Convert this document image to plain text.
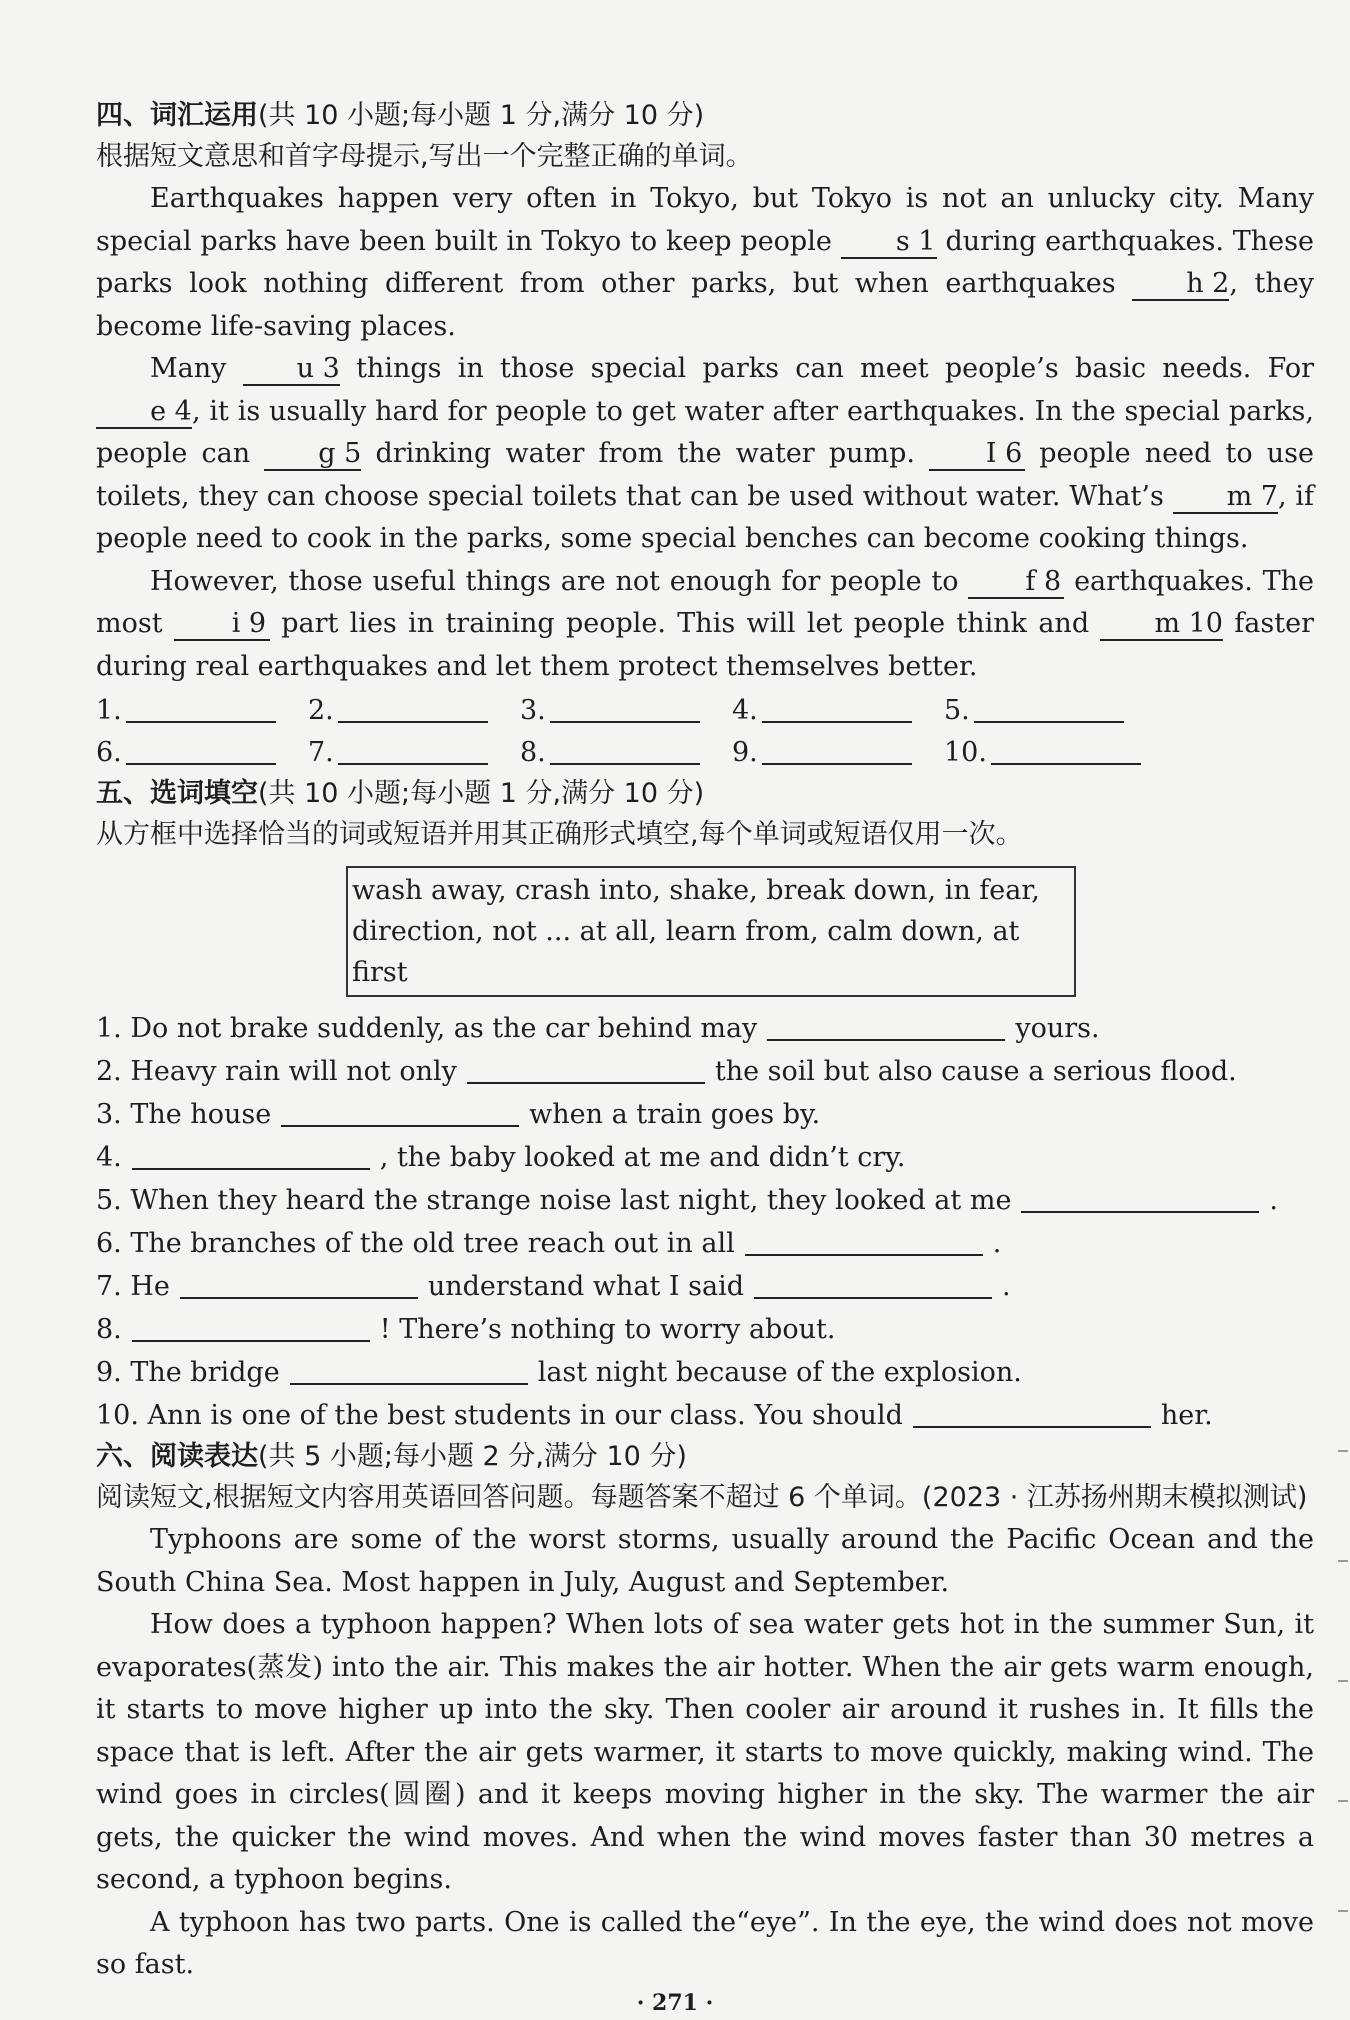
四、词汇运用(共 10 小题;每小题 1 分,满分 10 分)

根据短文意思和首字母提示,写出一个完整正确的单词。

Earthquakes happen very often in Tokyo, but Tokyo is not an unlucky city. Many special parks have been built in Tokyo to keep people s 1 during earthquakes. These parks look nothing different from other parks, but when earthquakes h 2, they become life-saving places.

Many u 3 things in those special parks can meet people’s basic needs. For e 4, it is usually hard for people to get water after earthquakes. In the special parks, people can g 5 drinking water from the water pump. I 6 people need to use toilets, they can choose special toilets that can be used without water. What’s m 7, if people need to cook in the parks, some special benches can become cooking things.

However, those useful things are not enough for people to f 8 earthquakes. The most i 9 part lies in training people. This will let people think and m 10 faster during real earthquakes and let them protect themselves better.

1.	2.	3.	4.	5.
6.	7.	8.	9.	10.

五、选词填空(共 10 小题;每小题 1 分,满分 10 分)

从方框中选择恰当的词或短语并用其正确形式填空,每个单词或短语仅用一次。

wash away, crash into, shake, break down, in fear,
direction, not ... at all, learn from, calm down, at first

1. Do not brake suddenly, as the car behind may	yours.

2. Heavy rain will not only	the soil but also cause a serious flood.

3. The house	when a train goes by.

4.	, the baby looked at me and didn’t cry.

5. When they heard the strange noise last night, they looked at me	.

6. The branches of the old tree reach out in all	.

7. He	understand what I said	.

8.	! There’s nothing to worry about.

9. The bridge	last night because of the explosion.

10. Ann is one of the best students in our class. You should	her.

六、阅读表达(共 5 小题;每小题 2 分,满分 10 分)

阅读短文,根据短文内容用英语回答问题。每题答案不超过 6 个单词。(2023 · 江苏扬州期末模拟测试)

Typhoons are some of the worst storms, usually around the Pacific Ocean and the South China Sea. Most happen in July, August and September.

How does a typhoon happen? When lots of sea water gets hot in the summer Sun, it evaporates(蒸发) into the air. This makes the air hotter. When the air gets warm enough, it starts to move higher up into the sky. Then cooler air around it rushes in. It fills the space that is left. After the air gets warmer, it starts to move quickly, making wind. The wind goes in circles(圆圈) and it keeps moving higher in the sky. The warmer the air gets, the quicker the wind moves. And when the wind moves faster than 30 metres a second, a typhoon begins.

A typhoon has two parts. One is called the“eye”. In the eye, the wind does not move so fast.

· 271 ·
